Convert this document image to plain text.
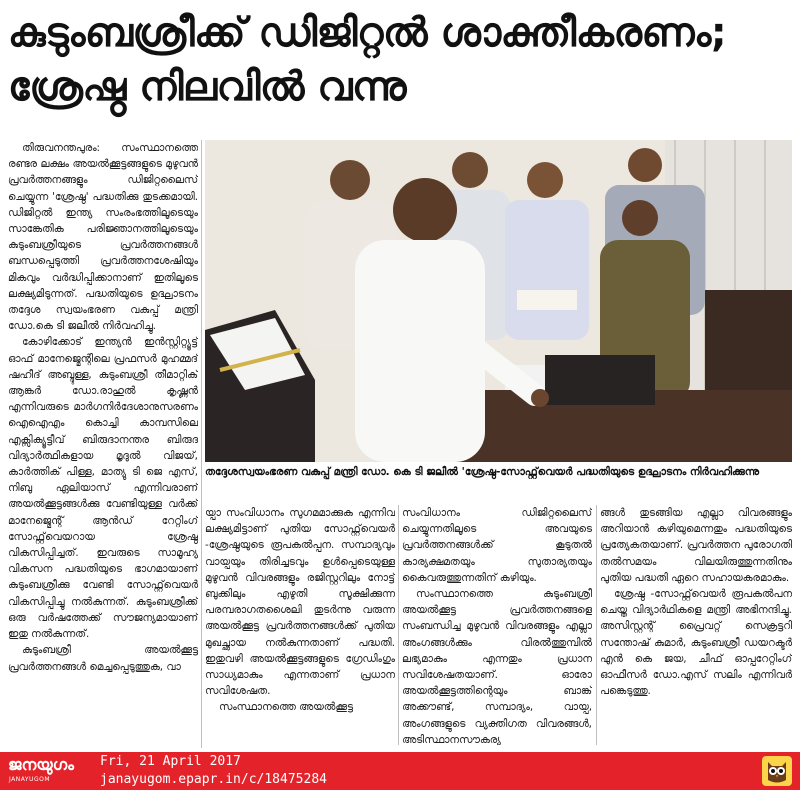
കുടുംബശ്രീക്ക് ഡിജിറ്റൽ ശാക്തീകരണം;
ശ്രേഷ്ഠ നിലവിൽ വന്നു

തിരുവനന്തപുരം: സംസ്ഥാനത്തെ രണ്ടര ലക്ഷം അയൽക്കൂട്ടങ്ങളുടെ മുഴുവൻ പ്രവർത്തനങ്ങളും ഡിജിറ്റലൈസ് ചെയ്യുന്ന 'ശ്രേഷ്ഠ' പദ്ധതിക്കു തുടക്കമായി. ഡിജിറ്റൽ ഇന്ത്യ സംരംഭത്തിലൂടെയും സാങ്കേതിക പരിജ്ഞാനത്തിലൂടെയും കുടുംബശ്രീയുടെ പ്രവർത്തനങ്ങൾ ബന്ധപ്പെടുത്തി പ്രവർത്തനശേഷിയും മികവും വർദ്ധിപ്പിക്കാനാണ് ഇതിലൂടെ ലക്ഷ്യമിടുന്നത്. പദ്ധതിയുടെ ഉദ്ഘാടനം തദ്ദേശ സ്വയംഭരണ വകുപ്പ് മന്ത്രി ഡോ.കെ ടി ജലീൽ നിർവഹിച്ചു.

കോഴിക്കോട് ഇന്ത്യൻ ഇൻസ്റ്റിറ്റ്യൂട്ട് ഓഫ് മാനേജ്മെന്റിലെ പ്രഫസർ മുഹമ്മദ് ഷഹീദ് അബ്ദുള്ള, കുടുംബശ്രീ തീമാറ്റിക് ആങ്കർ ഡോ.രാഹുൽ കൃഷ്ണൻ എന്നിവരുടെ മാർഗനിർദേശാനുസരണം ഐഐഎം കൊച്ചി കാമ്പസിലെ എക്സിക്യൂട്ടീവ് ബിരുദാനന്തര ബിരുദ വിദ്യാർത്ഥികളായ മൃദുൽ വിജയ്, കാർത്തിക് പിള്ള, മാത്യു ടി ജെ എസ്, നിബു ഏലിയാസ് എന്നിവരാണ് അയൽക്കൂട്ടങ്ങൾക്കു വേണ്ടിയുള്ള വർക്ക് മാനേജ്മെന്റ് ആൻഡ് റേറ്റിംഗ് സോഫ്റ്റ്‌വെയറായ ശ്രേഷ്ഠ വികസിപ്പിച്ചത്. ഇവരുടെ സാമൂഹ്യ വികസന പദ്ധതിയുടെ ഭാഗമായാണ് കുടുംബശ്രീക്കു വേണ്ടി സോഫ്റ്റ്‌വെയർ വികസിപ്പിച്ചു നൽകുന്നത്. കുടുംബശ്രീക്ക് ഒരു വർഷത്തേക്ക് സൗജന്യമായാണ് ഇതു നൽകുന്നത്.

കുടുംബശ്രീ അയൽക്കൂട്ട പ്രവർത്തനങ്ങൾ മെച്ചപ്പെടുത്തുക, വാ

തദ്ദേശസ്വയംഭരണ വകുപ്പ് മന്ത്രി ഡോ. കെ ടി ജലീൽ 'ശ്രേഷ്ഠ-സോഫ്റ്റ്‌വെയർ പദ്ധതിയുടെ ഉദ്ഘാടനം നിർവഹിക്കുന്നു

യ്പാ സംവിധാനം സുഗമമാക്കുക എന്നിവ ലക്ഷ്യമിട്ടാണ് പുതിയ സോഫ്റ്റ്‌വെയർ -ശ്രേഷ്ഠയുടെ രൂപകൽപ്പന. സമ്പാദ്യവും വായ്പയും തിരിച്ചടവും ഉൾപ്പെടെയുള്ള മുഴുവൻ വിവരങ്ങളും രജിസ്റ്ററിലും നോട്ട് ബുക്കിലും എഴുതി സൂക്ഷിക്കുന്ന പരമ്പരാഗതശൈലി തുടർന്നു വരുന്ന അയൽക്കൂട്ട പ്രവർത്തനങ്ങൾക്ക് പുതിയ മുഖച്ഛായ നൽകുന്നതാണ് പദ്ധതി. ഇതുവഴി അയൽക്കൂട്ടങ്ങളുടെ ഗ്രേഡിംഗും സാധ്യമാകും എന്നതാണ് പ്രധാന സവിശേഷത.

സംസ്ഥാനത്തെ അയൽക്കൂട്ട

സംവിധാനം ഡിജിറ്റലൈസ് ചെയ്യുന്നതിലൂടെ അവയുടെ പ്രവർത്തനങ്ങൾക്ക് കൂടുതൽ കാര്യക്ഷമതയും സുതാര്യതയും കൈവരുത്തുന്നതിന് കഴിയും.

സംസ്ഥാനത്തെ കുടുംബശ്രീ അയൽക്കൂട്ട പ്രവർത്തനങ്ങളെ സംബന്ധിച്ച മുഴുവൻ വിവരങ്ങളും എല്ലാ അംഗങ്ങൾക്കും വിരൽത്തുമ്പിൽ ലഭ്യമാകും എന്നതും പ്രധാന സവിശേഷതയാണ്. ഓരോ അയൽക്കൂട്ടത്തിന്റെയും ബാങ്ക് അക്കൗണ്ട്, സമ്പാദ്യം, വായ്പ, അംഗങ്ങളുടെ വ്യക്തിഗത വിവരങ്ങൾ, അടിസ്ഥാനസൗകര്യ

ങ്ങൾ തുടങ്ങിയ എല്ലാ വിവരങ്ങളും അറിയാൻ കഴിയുമെന്നതും പദ്ധതിയുടെ പ്രത്യേകതയാണ്. പ്രവർത്തന പുരോഗതി തൽസമയം വിലയിരുത്തുന്നതിനും പുതിയ പദ്ധതി ഏറെ സഹായകരമാകും.

ശ്രേഷ്ഠ -സോഫ്റ്റ്‌വെയർ രൂപകൽപന ചെയ്ത വിദ്യാർഥികളെ മന്ത്രി അഭിനന്ദിച്ചു. അസിസ്റ്റന്റ് പ്രൈവറ്റ് സെക്രട്ടറി സന്തോഷ് കുമാർ, കുടുംബശ്രീ ഡയറക്ടർ എൻ കെ ജയ, ചീഫ് ഓപ്പറേറ്റിംഗ് ഓഫീസർ ഡോ.എസ് സലിം എന്നിവർ പങ്കെടുത്തു.

ജനയുഗം
JANAYUGOM
Fri, 21 April 2017
janayugom.epapr.in/c/18475284
